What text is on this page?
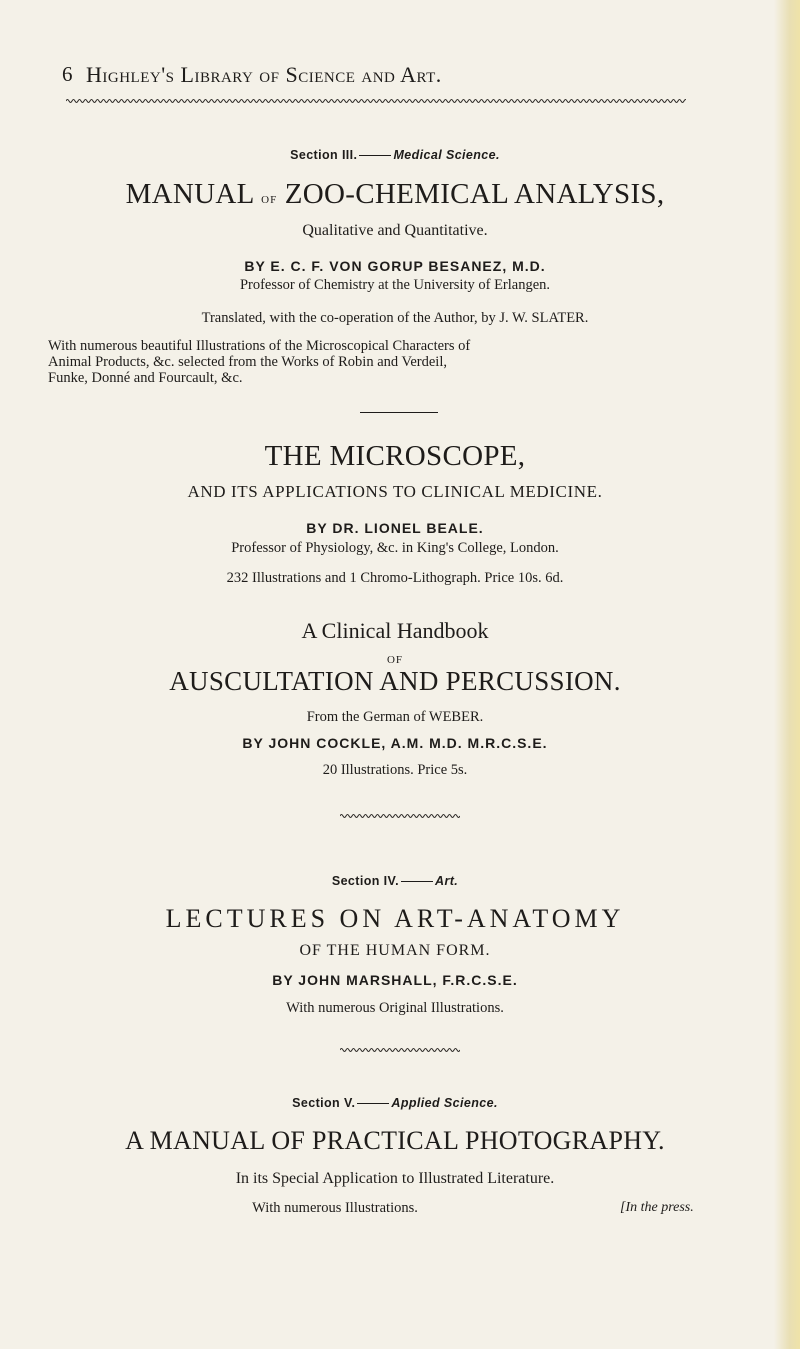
6 Highley's Library of Science and Art.
Section III.	Medical Science.
MANUAL of ZOO-CHEMICAL ANALYSIS,
Qualitative and Quantitative.
BY E. C. F. VON GORUP BESANEZ, M.D.
Professor of Chemistry at the University of Erlangen.
Translated, with the co-operation of the Author, by J. W. SLATER.
With numerous beautiful Illustrations of the Microscopical Characters of
Animal Products, &c. selected from the Works of Robin and Verdeil,
Funke, Donné and Fourcault, &c.
THE MICROSCOPE,
AND ITS APPLICATIONS TO CLINICAL MEDICINE.
BY DR. LIONEL BEALE.
Professor of Physiology, &c. in King's College, London.
232 Illustrations and 1 Chromo-Lithograph. Price 10s. 6d.
A Clinical Handbook
OF
AUSCULTATION AND PERCUSSION.
From the German of WEBER.
BY JOHN COCKLE, A.M. M.D. M.R.C.S.E.
20 Illustrations. Price 5s.
Section IV.	Art.
LECTURES ON ART-ANATOMY
OF THE HUMAN FORM.
BY JOHN MARSHALL, F.R.C.S.E.
With numerous Original Illustrations.
Section V.	Applied Science.
A MANUAL OF PRACTICAL PHOTOGRAPHY.
In its Special Application to Illustrated Literature.
With numerous Illustrations.	[In the press.
